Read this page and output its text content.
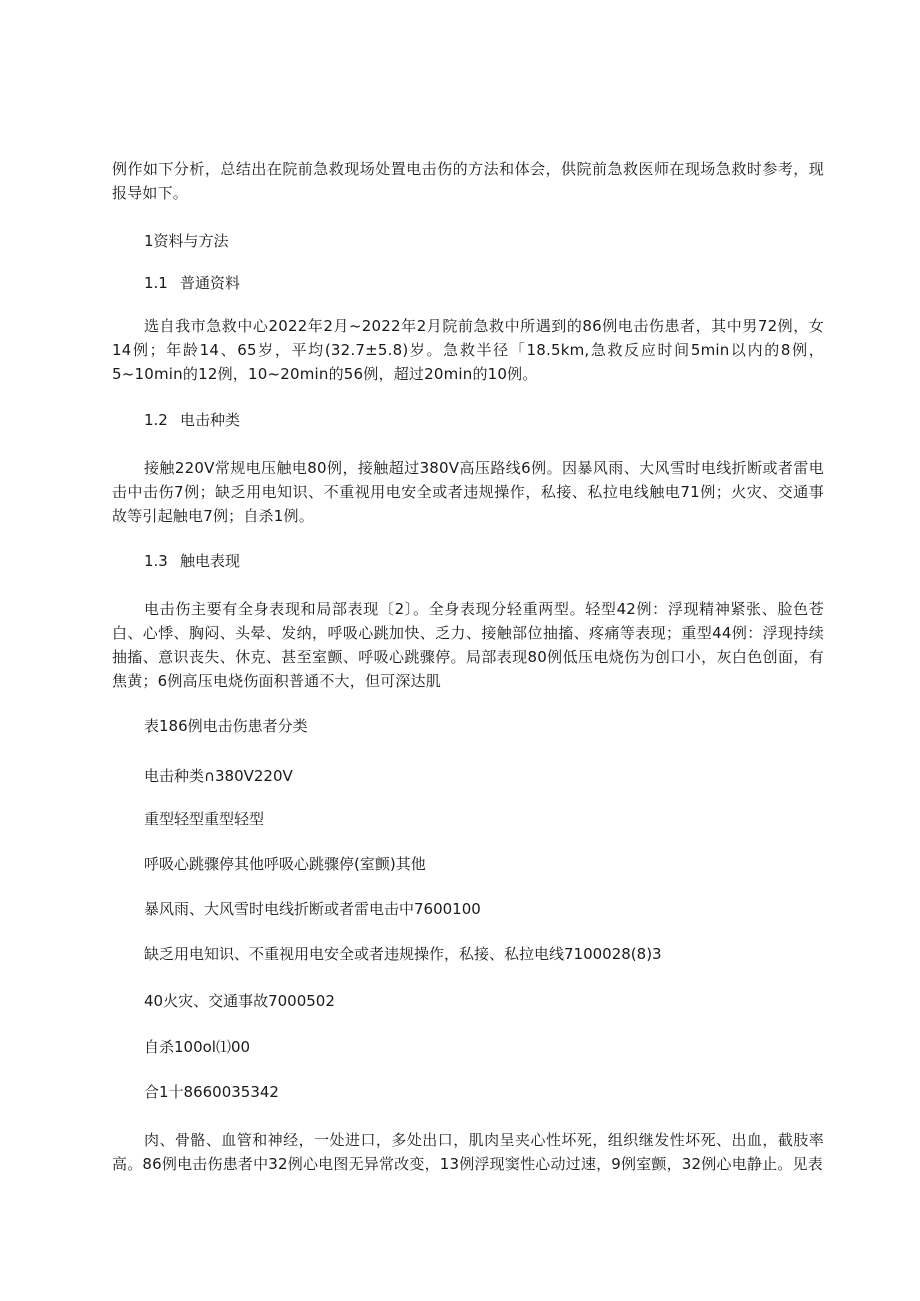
例作如下分析，总结出在院前急救现场处置电击伤的方法和体会，供院前急救医师在现场急救时参考，现报导如下。

1资料与方法

1.1 普通资料

选自我市急救中心2022年2月~2022年2月院前急救中所遇到的86例电击伤患者，其中男72例，女14例；年龄14、65岁，平均(32.7±5.8)岁。急救半径「18.5km,急救反应时间5min以内的8例，5~10min的12例，10~20min的56例，超过20min的10例。

1.2 电击种类

接触220V常规电压触电80例，接触超过380V高压路线6例。因暴风雨、大风雪时电线折断或者雷电击中击伤7例；缺乏用电知识、不重视用电安全或者违规操作，私接、私拉电线触电71例；火灾、交通事故等引起触电7例；自杀1例。

1.3 触电表现

电击伤主要有全身表现和局部表现〔2〕。全身表现分轻重两型。轻型42例：浮现精神紧张、脸色苍白、心悸、胸闷、头晕、发纳，呼吸心跳加快、乏力、接触部位抽搐、疼痛等表现；重型44例：浮现持续抽搐、意识丧失、休克、甚至室颤、呼吸心跳骤停。局部表现80例低压电烧伤为创口小，灰白色创面，有焦黄；6例高压电烧伤面积普通不大，但可深达肌

表186例电击伤患者分类

电击种类∩380V220V

重型轻型重型轻型

呼吸心跳骤停其他呼吸心跳骤停(室颤)其他

暴风雨、大风雪时电线折断或者雷电击中7600100

缺乏用电知识、不重视用电安全或者违规操作，私接、私拉电线7100028(8)3

40火灾、交通事故7000502

自杀100ol⑴00

合1十8660035342

肉、骨骼、血管和神经，一处进口，多处出口，肌肉呈夹心性坏死，组织继发性坏死、出血，截肢率高。86例电击伤患者中32例心电图无异常改变，13例浮现窦性心动过速，9例室颤，32例心电静止。见表
